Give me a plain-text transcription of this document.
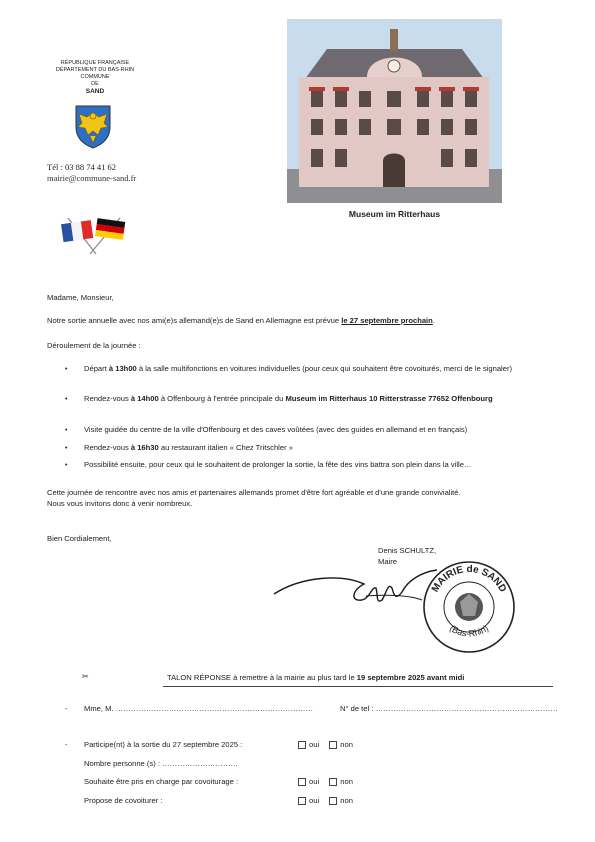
RÉPUBLIQUE FRANÇAISE
DÉPARTEMENT DU BAS-RHIN
COMMUNE
DE
SAND
Tél : 03 88 74 41 62
mairie@commune-sand.fr
Museum im Ritterhaus
Madame, Monsieur,
Notre sortie annuelle avec nos ami(e)s allemand(e)s de Sand en Allemagne est prévue le 27 septembre prochain.
Déroulement de la journée :
• Départ à 13h00 à la salle multifonctions en voitures individuelles (pour ceux qui souhaitent être covoiturés, merci de le signaler)
• Rendez-vous à 14h00 à Offenbourg à l'entrée principale du Museum im Ritterhaus 10 Ritterstrasse 77652 Offenbourg
• Visite guidée du centre de la ville d'Offenbourg et des caves voûtées (avec des guides en allemand et en français)
• Rendez-vous à 16h30 au restaurant italien « Chez Tritschler »
• Possibilité ensuite, pour ceux qui le souhaitent de prolonger la sortie, la fête des vins battra son plein dans la ville…
Cette journée de rencontre avec nos amis et partenaires allemands promet d'être fort agréable et d'une grande convivialité.
Nous vous invitons donc à venir nombreux.
Bien Cordialement,
Denis SCHULTZ,
Maire
MAIRIE de SAND
(Bas-Rhin)
✂	TALON RÉPONSE à remettre à la mairie au plus tard le 19 septembre 2025 avant midi
- Mme, M. ……………………………………………………………………	N° de tel : ………………………………………………………………
- Participe(nt) à la sortie du 27 septembre 2025 :	oui	non
Nombre personne (s) : …………………………
Souhaite être pris en charge par covoiturage :	oui	non
Propose de covoiturer :	oui	non
